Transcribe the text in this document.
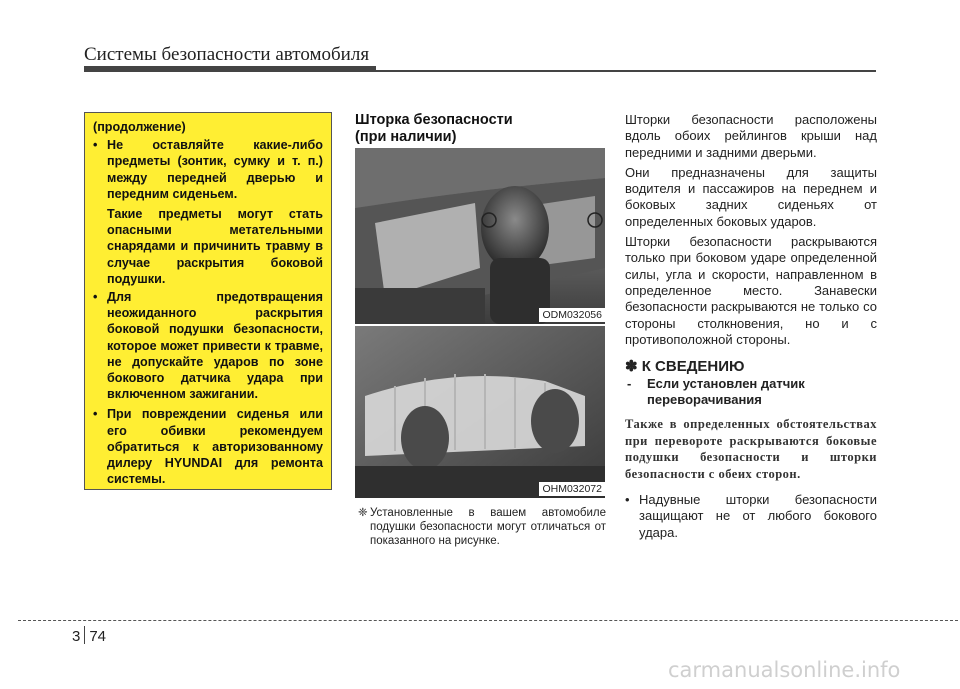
Системы безопасности автомобиля
(продолжение)
• Не оставляйте какие-либо предметы (зонтик, сумку и т. п.) между передней дверью и передним сиденьем.
Такие предметы могут стать опасными метательными снарядами и причинить травму в случае раскрытия боковой подушки.
• Для предотвращения неожиданного раскрытия боковой подушки безопасности, которое может привести к травме, не допускайте ударов по зоне бокового датчика удара при включенном зажигании.
• При повреждении сиденья или его обивки рекомендуем обратиться к авторизованному дилеру HYUNDAI для ремонта системы.
Шторка безопасности
(при наличии)
ODM032056
OHM032072
❈ Установленные в вашем автомобиле подушки безопасности могут отличаться от показанного на рисунке.

Шторки безопасности расположены вдоль обоих рейлингов крыши над передними и задними дверьми.

Они предназначены для защиты водителя и пассажиров на переднем и боковых задних сиденьях от определенных боковых ударов.

Шторки безопасности раскрываются только при боковом ударе определенной силы, угла и скорости, направленном в определенное место. Занавески безопасности раскрываются не только со стороны столкновения, но и с противоположной стороны.

✽ К СВЕДЕНИЮ
-	Если установлен датчик переворачивания
Также в определенных обстоятельствах при перевороте раскрываются боковые подушки безопасности и шторки безопасности с обеих сторон.
• Надувные шторки безопасности защищают не от любого бокового удара.
3 74
carmanualsonline.info
